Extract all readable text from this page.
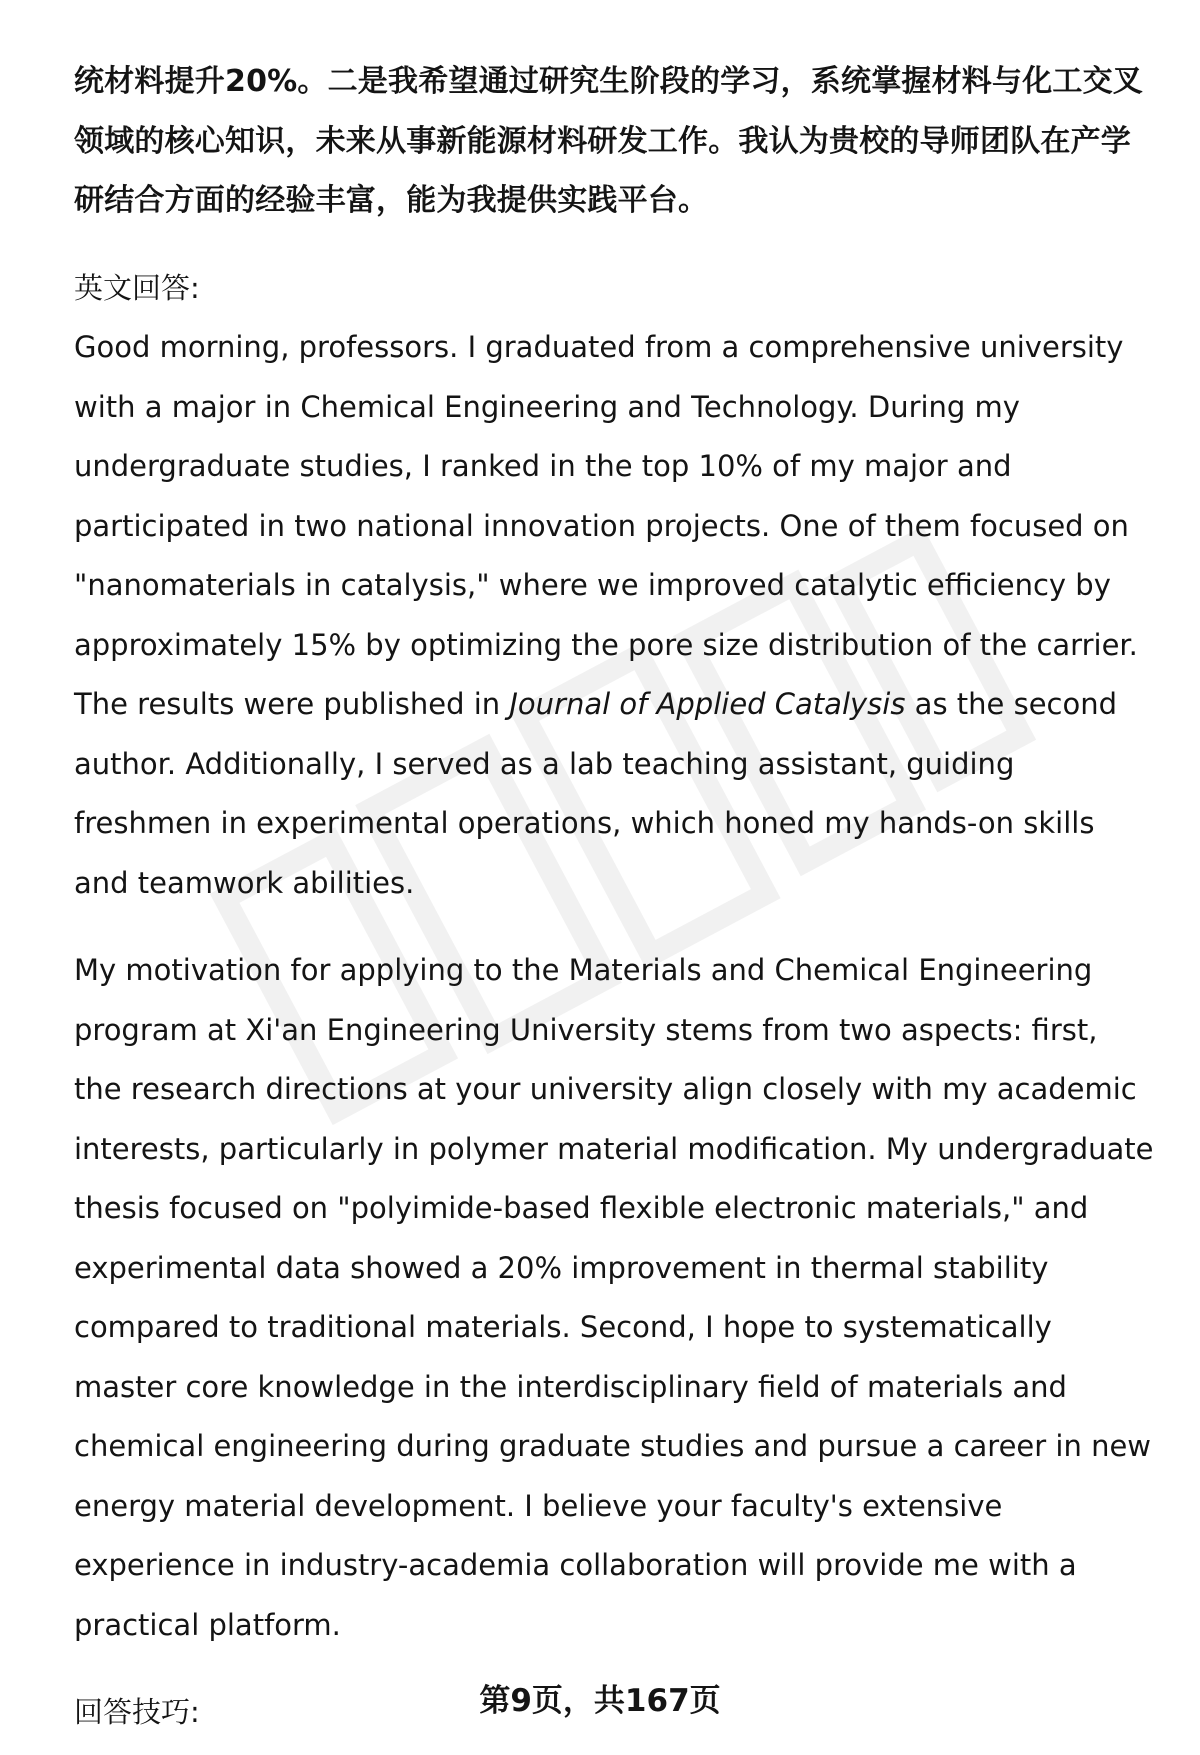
统材料提升20%。二是我希望通过研究生阶段的学习，系统掌握材料与化工交叉领域的核心知识，未来从事新能源材料研发工作。我认为贵校的导师团队在产学研结合方面的经验丰富，能为我提供实践平台。

英文回答:

Good morning, professors. I graduated from a comprehensive university with a major in Chemical Engineering and Technology. During my undergraduate studies, I ranked in the top 10% of my major and participated in two national innovation projects. One of them focused on "nanomaterials in catalysis," where we improved catalytic efficiency by approximately 15% by optimizing the pore size distribution of the carrier. The results were published in Journal of Applied Catalysis as the second author. Additionally, I served as a lab teaching assistant, guiding freshmen in experimental operations, which honed my hands-on skills and teamwork abilities.

My motivation for applying to the Materials and Chemical Engineering program at Xi'an Engineering University stems from two aspects: first, the research directions at your university align closely with my academic interests, particularly in polymer material modification. My undergraduate thesis focused on "polyimide-based flexible electronic materials," and experimental data showed a 20% improvement in thermal stability compared to traditional materials. Second, I hope to systematically master core knowledge in the interdisciplinary field of materials and chemical engineering during graduate studies and pursue a career in new energy material development. I believe your faculty's extensive experience in industry-academia collaboration will provide me with a practical platform.

回答技巧:	第9页，共167页
